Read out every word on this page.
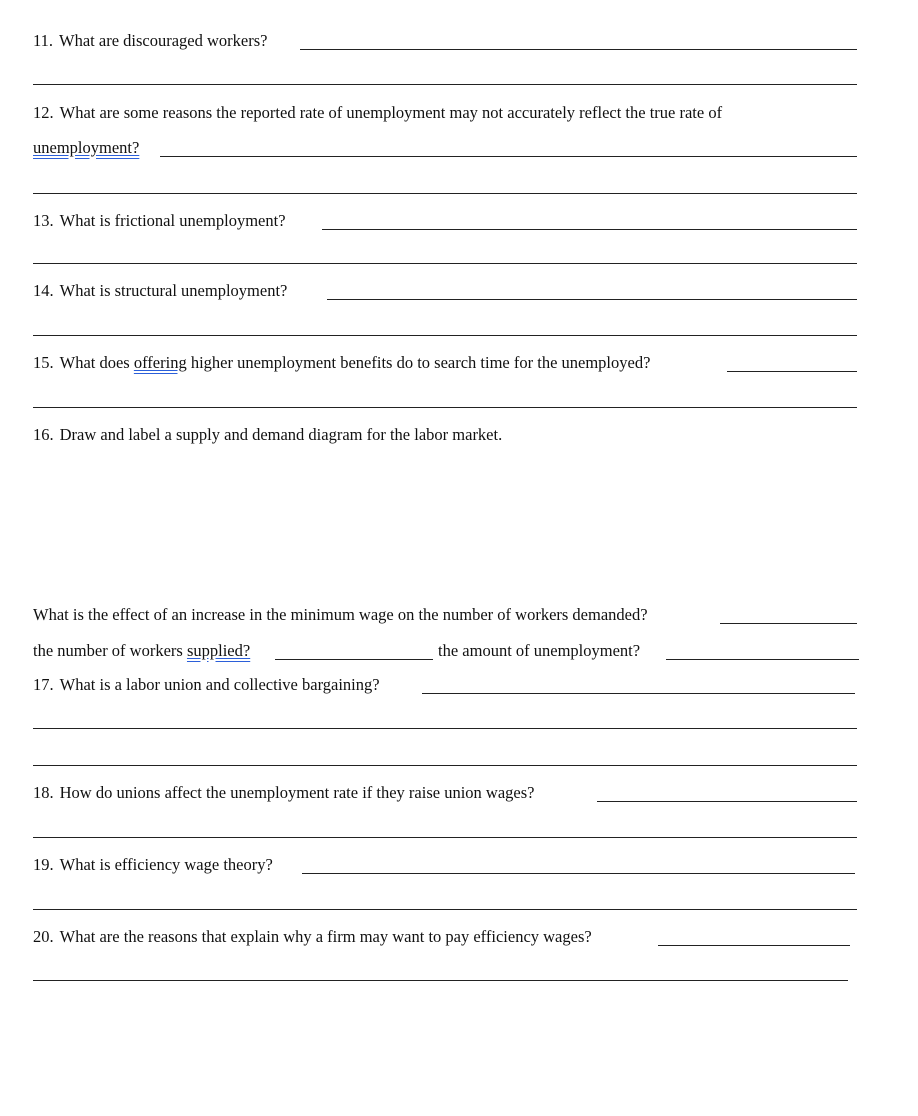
11. What are discouraged workers?
12. What are some reasons the reported rate of unemployment may not accurately reflect the true rate of
unemployment?
13. What is frictional unemployment?
14. What is structural unemployment?
15. What does offering higher unemployment benefits do to search time for the unemployed?
16. Draw and label a supply and demand diagram for the labor market.
What is the effect of an increase in the minimum wage on the number of workers demanded?
the number of workers supplied?	the amount of unemployment?
17. What is a labor union and collective bargaining?
18. How do unions affect the unemployment rate if they raise union wages?
19. What is efficiency wage theory?
20. What are the reasons that explain why a firm may want to pay efficiency wages?
